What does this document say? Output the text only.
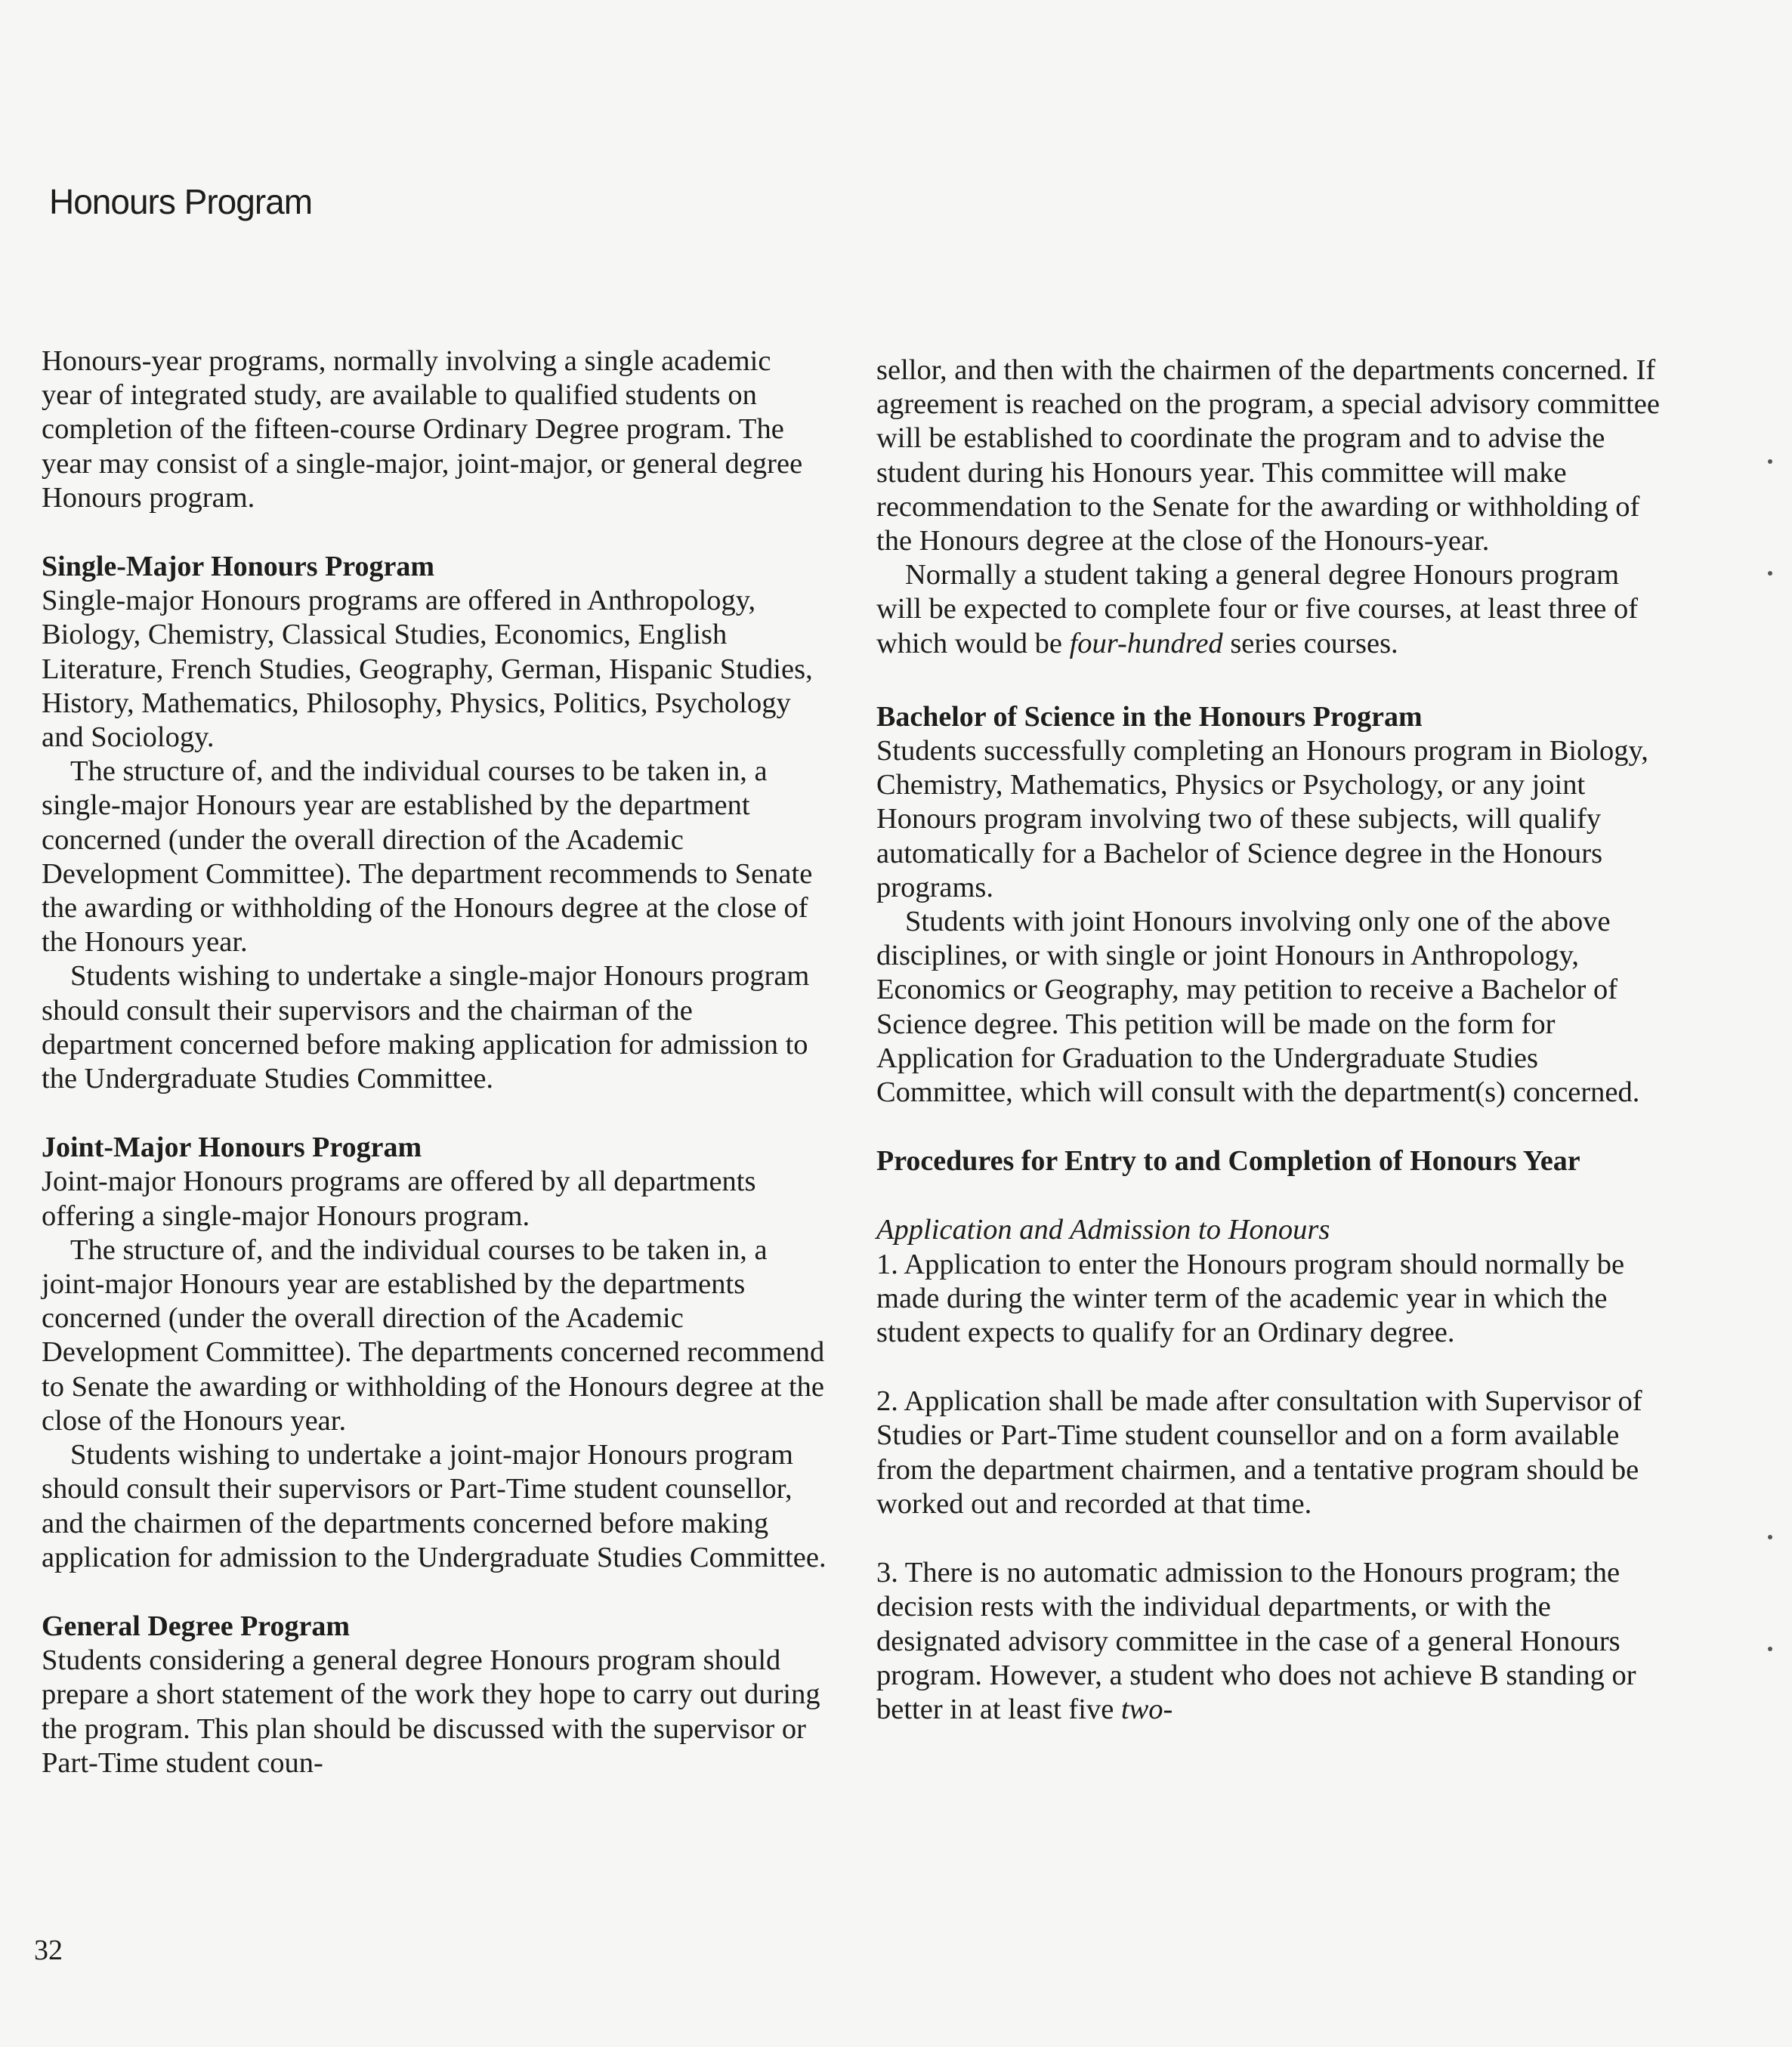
Honours Program

Honours-year programs, normally involving a single academic year of integrated study, are available to qualified students on completion of the fifteen-course Ordinary Degree program. The year may consist of a single-major, joint-major, or general degree Honours program.

Single-Major Honours Program

Single-major Honours programs are offered in Anthropology, Biology, Chemistry, Classical Studies, Economics, English Literature, French Studies, Geography, German, Hispanic Studies, History, Mathematics, Philosophy, Physics, Politics, Psychology and Sociology.

The structure of, and the individual courses to be taken in, a single-major Honours year are established by the department concerned (under the overall direction of the Academic Development Committee). The department recommends to Senate the awarding or withholding of the Honours degree at the close of the Honours year.

Students wishing to undertake a single-major Honours program should consult their supervisors and the chairman of the department concerned before making application for admission to the Undergraduate Studies Committee.

Joint-Major Honours Program

Joint-major Honours programs are offered by all departments offering a single-major Honours program.

The structure of, and the individual courses to be taken in, a joint-major Honours year are established by the departments concerned (under the overall direction of the Academic Development Committee). The departments concerned recommend to Senate the awarding or withholding of the Honours degree at the close of the Honours year.

Students wishing to undertake a joint-major Honours program should consult their supervisors or Part-Time student counsellor, and the chairmen of the departments concerned before making application for admission to the Undergraduate Studies Committee.

General Degree Program

Students considering a general degree Honours program should prepare a short statement of the work they hope to carry out during the program. This plan should be discussed with the supervisor or Part-Time student coun-

sellor, and then with the chairmen of the departments concerned. If agreement is reached on the program, a special advisory committee will be established to coordinate the program and to advise the student during his Honours year. This committee will make recommendation to the Senate for the awarding or withholding of the Honours degree at the close of the Honours-year.

Normally a student taking a general degree Honours program will be expected to complete four or five courses, at least three of which would be four-hundred series courses.

Bachelor of Science in the Honours Program

Students successfully completing an Honours program in Biology, Chemistry, Mathematics, Physics or Psychology, or any joint Honours program involving two of these subjects, will qualify automatically for a Bachelor of Science degree in the Honours programs.

Students with joint Honours involving only one of the above disciplines, or with single or joint Honours in Anthropology, Economics or Geography, may petition to receive a Bachelor of Science degree. This petition will be made on the form for Application for Graduation to the Undergraduate Studies Committee, which will consult with the department(s) concerned.

Procedures for Entry to and Completion of Honours Year

Application and Admission to Honours

1. Application to enter the Honours program should normally be made during the winter term of the academic year in which the student expects to qualify for an Ordinary degree.

2. Application shall be made after consultation with Supervisor of Studies or Part-Time student counsellor and on a form available from the department chairmen, and a tentative program should be worked out and recorded at that time.

3. There is no automatic admission to the Honours program; the decision rests with the individual departments, or with the designated advisory committee in the case of a general Honours program. However, a student who does not achieve B standing or better in at least five two-

32
